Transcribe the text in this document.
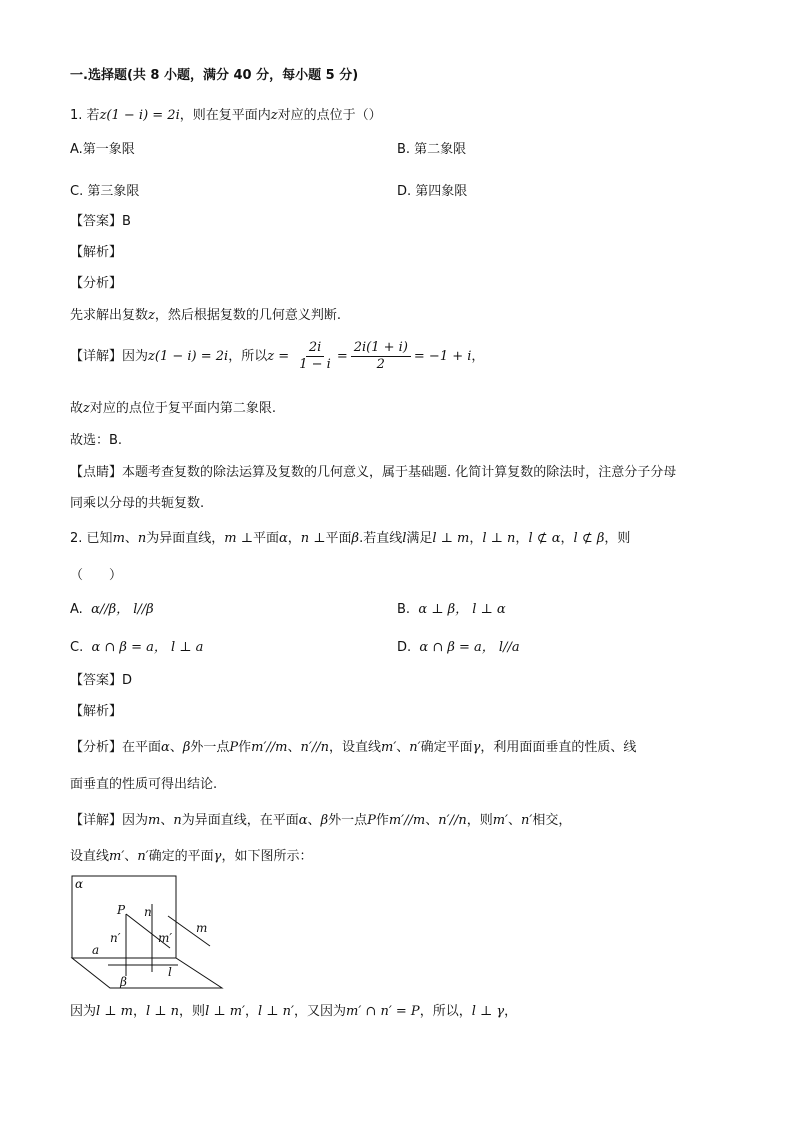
一.选择题(共 8 小题，满分 40 分，每小题 5 分)
1. 若z(1 − i) = 2i，则在复平面内z对应的点位于（）
A.第一象限	B. 第二象限
C. 第三象限	D. 第四象限
【答案】B
【解析】
【分析】
先求解出复数z，然后根据复数的几何意义判断.
【详解】因为z(1 − i) = 2i，所以$z = \frac{2i}{1 - i} = \frac{2i(1 + i)}{2} = -1 + i$，
故z对应的点位于复平面内第二象限.
故选：B.
【点睛】本题考查复数的除法运算及复数的几何意义，属于基础题. 化简计算复数的除法时，注意分子分母
同乘以分母的共轭复数.
2. 已知m、n为异面直线，m ⊥平面α，n ⊥平面β.若直线l满足l ⊥ m，l ⊥ n，l ⊄ α，l ⊄ β，则
（　　）
A. α//β， l//β	B. α ⊥ β， l ⊥ α
C. α ∩ β = a， l ⊥ a	D. α ∩ β = a， l//a
【答案】D
【解析】
【分析】在平面α、β外一点P作m′//m、n′//n，设直线m′、n′确定平面γ，利用面面垂直的性质、线
面垂直的性质可得出结论.
【详解】因为m、n为异面直线，在平面α、β外一点P作m′//m、n′//n，则m′、n′相交，
设直线m′、n′确定的平面γ，如下图所示：
α
P n
m
n′	m′
a
l
β
因为l ⊥ m，l ⊥ n，则l ⊥ m′，l ⊥ n′，又因为m′ ∩ n′ = P，所以，l ⊥ γ，
